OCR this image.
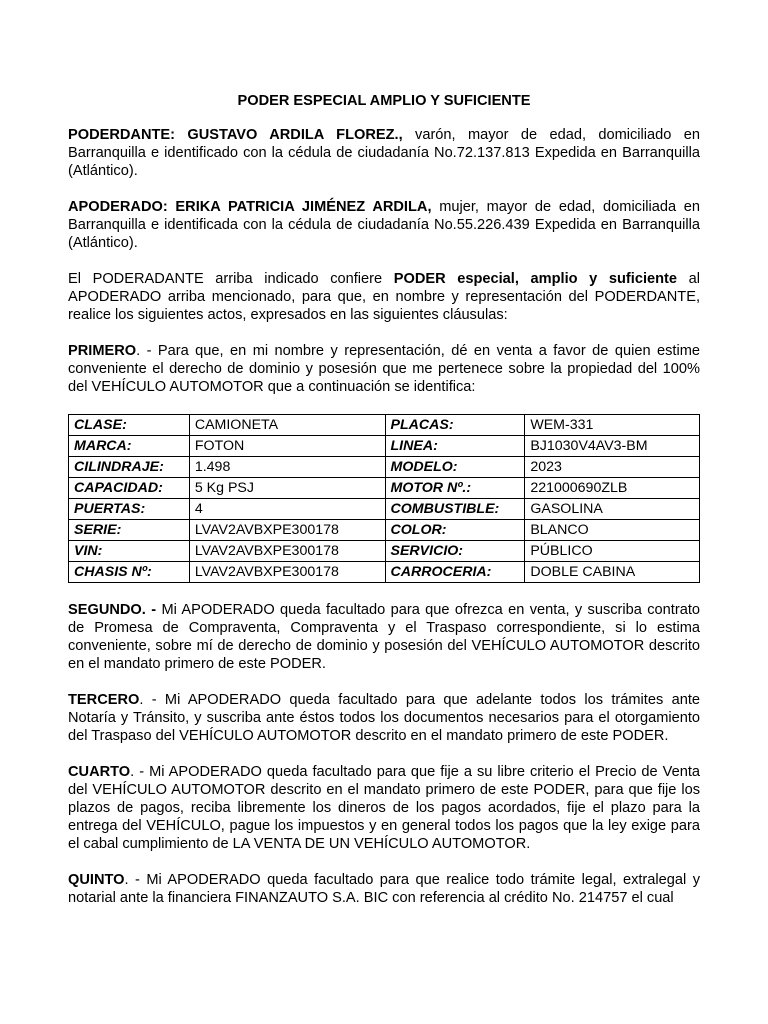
PODER ESPECIAL AMPLIO Y SUFICIENTE

PODERDANTE: GUSTAVO ARDILA FLOREZ., varón, mayor de edad, domiciliado en Barranquilla e identificado con la cédula de ciudadanía No.72.137.813 Expedida en Barranquilla (Atlántico).

APODERADO: ERIKA PATRICIA JIMÉNEZ ARDILA, mujer, mayor de edad, domiciliada en Barranquilla e identificada con la cédula de ciudadanía No.55.226.439 Expedida en Barranquilla (Atlántico).

El PODERADANTE arriba indicado confiere PODER especial, amplio y suficiente al APODERADO arriba mencionado, para que, en nombre y representación del PODERDANTE, realice los siguientes actos, expresados en las siguientes cláusulas:

PRIMERO. - Para que, en mi nombre y representación, dé en venta a favor de quien estime conveniente el derecho de dominio y posesión que me pertenece sobre la propiedad del 100% del VEHÍCULO AUTOMOTOR que a continuación se identifica:

CLASE:	CAMIONETA	PLACAS:	WEM-331
MARCA:	FOTON	LINEA:	BJ1030V4AV3-BM
CILINDRAJE:	1.498	MODELO:	2023
CAPACIDAD:	5 Kg PSJ	MOTOR Nº.:	221000690ZLB
PUERTAS:	4	COMBUSTIBLE:	GASOLINA
SERIE:	LVAV2AVBXPE300178	COLOR:	BLANCO
VIN:	LVAV2AVBXPE300178	SERVICIO:	PÚBLICO
CHASIS Nº:	LVAV2AVBXPE300178	CARROCERIA:	DOBLE CABINA

SEGUNDO. - Mi APODERADO queda facultado para que ofrezca en venta, y suscriba contrato de Promesa de Compraventa, Compraventa y el Traspaso correspondiente, si lo estima conveniente, sobre mí de derecho de dominio y posesión del VEHÍCULO AUTOMOTOR descrito en el mandato primero de este PODER.

TERCERO. - Mi APODERADO queda facultado para que adelante todos los trámites ante Notaría y Tránsito, y suscriba ante éstos todos los documentos necesarios para el otorgamiento del Traspaso del VEHÍCULO AUTOMOTOR descrito en el mandato primero de este PODER.

CUARTO. - Mi APODERADO queda facultado para que fije a su libre criterio el Precio de Venta del VEHÍCULO AUTOMOTOR descrito en el mandato primero de este PODER, para que fije los plazos de pagos, reciba libremente los dineros de los pagos acordados, fije el plazo para la entrega del VEHÍCULO, pague los impuestos y en general todos los pagos que la ley exige para el cabal cumplimiento de LA VENTA DE UN VEHÍCULO AUTOMOTOR.

QUINTO. - Mi APODERADO queda facultado para que realice todo trámite legal, extralegal y notarial ante la financiera FINANZAUTO S.A. BIC con referencia al crédito No. 214757 el cual
